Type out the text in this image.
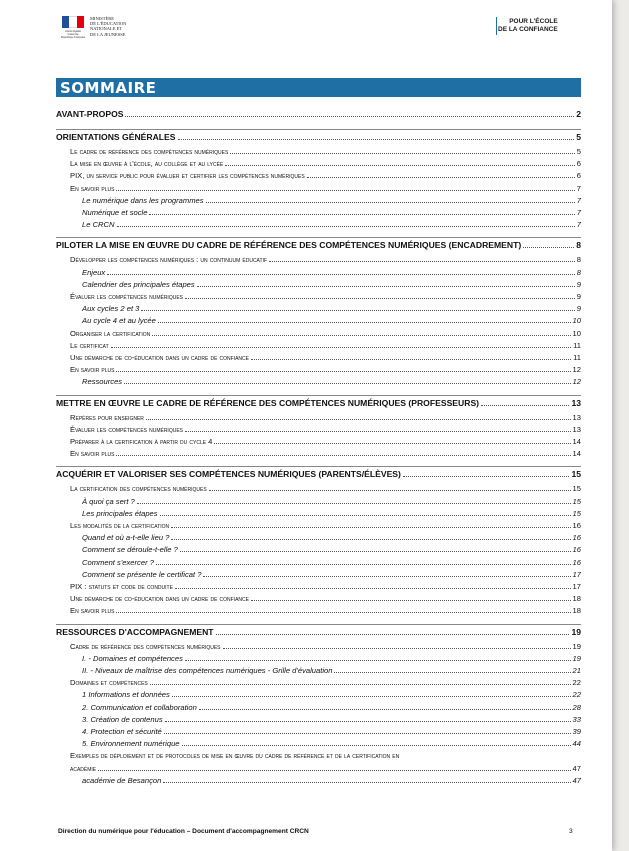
Liberté Égalité Fraternité
République Française
MINISTÈRE
DE L'ÉDUCATION
NATIONALE ET
DE LA JEUNESSE
POUR L'ÉCOLE
DE LA CONFIANCE
SOMMAIRE
AVANT-PROPOS	2
ORIENTATIONS GÉNÉRALES	5
Le cadre de référence des compétences numériques	5
La mise en œuvre à l'école, au collège et au lycée	6
PIX, un service public pour évaluer et certifier les compétences numériques	6
En savoir plus	7
Le numérique dans les programmes	7
Numérique et socle	7
Le CRCN	7
PILOTER LA MISE EN ŒUVRE DU CADRE DE RÉFÉRENCE DES COMPÉTENCES NUMÉRIQUES (ENCADREMENT)	8
Développer les compétences numériques : un continuum éducatif	8
Enjeux	8
Calendrier des principales étapes	9
Évaluer les compétences numériques	9
Aux cycles 2 et 3	9
Au cycle 4 et au lycée	10
Organiser la certification	10
Le certificat	11
Une démarche de co-éducation dans un cadre de confiance	11
En savoir plus	12
Ressources	12
METTRE EN ŒUVRE LE CADRE DE RÉFÉRENCE DES COMPÉTENCES NUMÉRIQUES (PROFESSEURS)	13
Repères pour enseigner	13
Évaluer les compétences numériques	13
Préparer à la certification à partir du cycle 4	14
En savoir plus	14
ACQUÉRIR ET VALORISER SES COMPÉTENCES NUMÉRIQUES (PARENTS/ÉLÈVES)	15
La certification des compétences numériques	15
À quoi ça sert ?	15
Les principales étapes	15
Les modalités de la certification	16
Quand et où a-t-elle lieu ?	16
Comment se déroule-t-elle ?	16
Comment s'exercer ?	16
Comment se présente le certificat ?	17
PIX : statuts et code de conduite	17
Une démarche de co-éducation dans un cadre de confiance	18
En savoir plus	18
RESSOURCES D'ACCOMPAGNEMENT	19
Cadre de référence des compétences numériques	19
I. - Domaines et compétences	19
II. - Niveaux de maîtrise des compétences numériques - Grille d'évaluation	21
Domaines et compétences	22
1 Informations et données	22
2. Communication et collaboration	28
3. Création de contenus	33
4. Protection et sécurité	39
5. Environnement numérique	44
Exemples de déploiement et de protocoles de mise en œuvre du cadre de référence et de la certification en
académie	47
académie de Besançon	47
Direction du numérique pour l'éducation – Document d'accompagnement CRCN	3
